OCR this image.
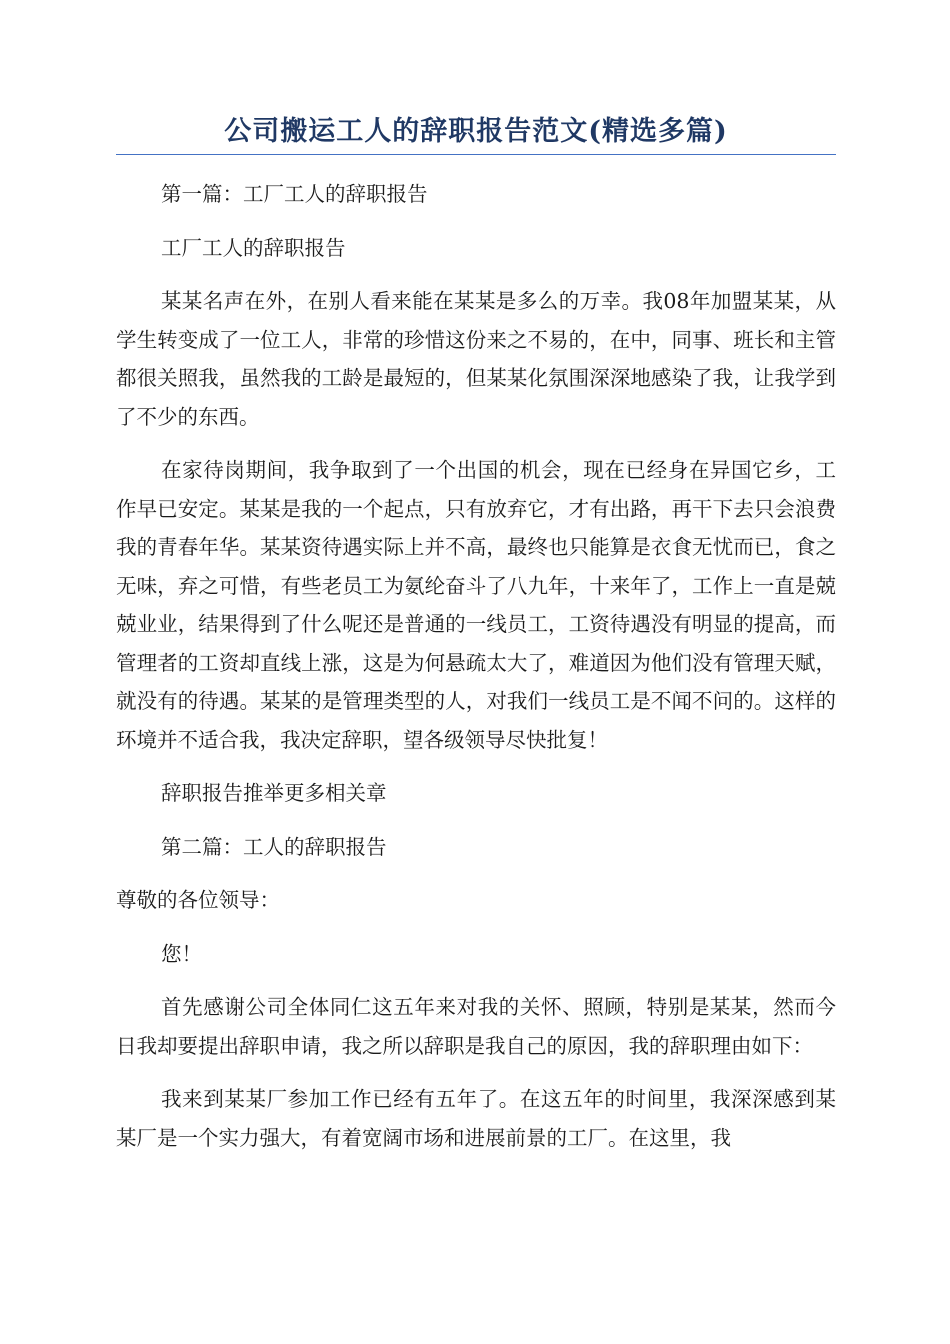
公司搬运工人的辞职报告范文(精选多篇)

第一篇：工厂工人的辞职报告

工厂工人的辞职报告

某某名声在外，在别人看来能在某某是多么的万幸。我08年加盟某某，从学生转变成了一位工人，非常的珍惜这份来之不易的，在中，同事、班长和主管都很关照我，虽然我的工龄是最短的，但某某化氛围深深地感染了我，让我学到了不少的东西。

在家待岗期间，我争取到了一个出国的机会，现在已经身在异国它乡，工作早已安定。某某是我的一个起点，只有放弃它，才有出路，再干下去只会浪费我的青春年华。某某资待遇实际上并不高，最终也只能算是衣食无忧而已，食之无味，弃之可惜，有些老员工为氨纶奋斗了八九年，十来年了，工作上一直是兢兢业业，结果得到了什么呢还是普通的一线员工，工资待遇没有明显的提高，而管理者的工资却直线上涨，这是为何悬疏太大了，难道因为他们没有管理天赋，就没有的待遇。某某的是管理类型的人，对我们一线员工是不闻不问的。这样的环境并不适合我，我决定辞职，望各级领导尽快批复！

辞职报告推举更多相关章

第二篇：工人的辞职报告

尊敬的各位领导：

您！

首先感谢公司全体同仁这五年来对我的关怀、照顾，特别是某某，然而今日我却要提出辞职申请，我之所以辞职是我自己的原因，我的辞职理由如下：

我来到某某厂参加工作已经有五年了。在这五年的时间里，我深深感到某某厂是一个实力强大，有着宽阔市场和进展前景的工厂。在这里，我
